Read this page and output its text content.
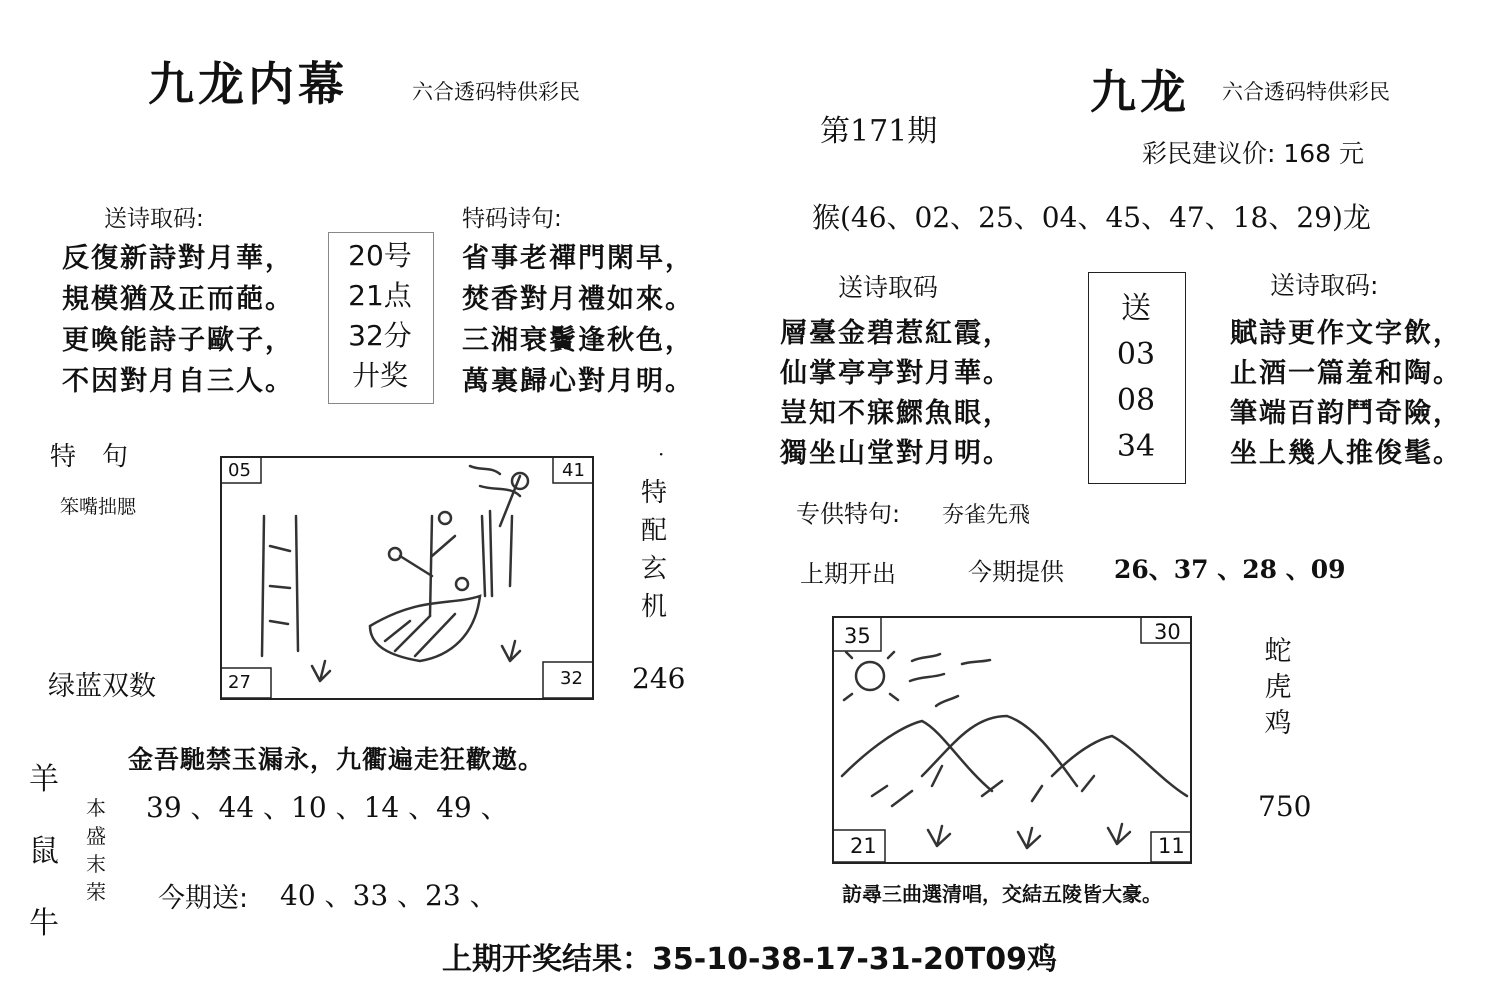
九龙内幕	六合透码特供彩民
送诗取码:
反復新詩對月華，
規模猶及正而葩。
更喚能詩子歐子，
不因對月自三人。
20号
21点
32分
廾奖
特码诗句:
省事老禪門閑早，
焚香對月禮如來。
三湘衰鬢逢秋色，
萬裏歸心對月明。
特　句
笨嘴拙腮
绿蓝双数
05	41
27	32
·
特
配
玄
机
246
金吾馳禁玉漏永，九衢遍走狂歡遨。
羊
鼠
牛
本
盛
末
荣
39 、44 、10 、14 、49 、
今期送: 40 、33 、23 、
九龙 六合透码特供彩民
第171期
彩民建议价: 168 元
猴(46、02、25、04、45、47、18、29)龙
送诗取码
層臺金碧惹紅霞，
仙掌亭亭對月華。
豈知不寐鰥魚眼，
獨坐山堂對月明。
送
03
08
34
送诗取码:
賦詩更作文字飲，
止酒一篇羞和陶。
筆端百韵鬥奇險，
坐上幾人推俊髦。
专供特句: 夯雀先飛
上期开出	今期提供 26、37 、28 、09
35	30
21	11
蛇
虎
鸡
750
訪尋三曲選清唱，交結五陵皆大豪。
上期开奖结果：35-10-38-17-31-20T09鸡
